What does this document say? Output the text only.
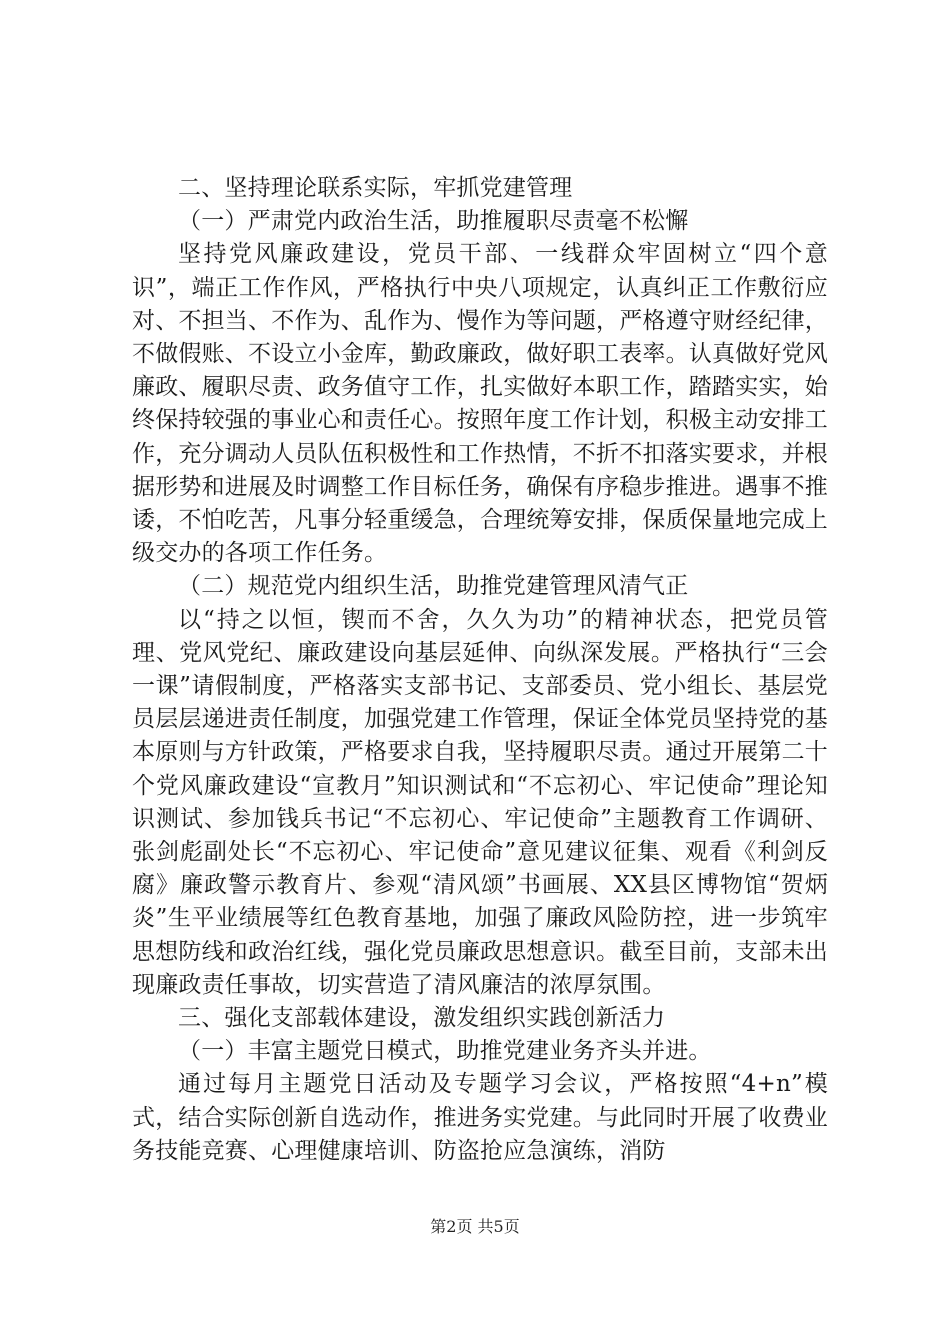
二、坚持理论联系实际，牢抓党建管理

（一）严肃党内政治生活，助推履职尽责毫不松懈

坚持党风廉政建设，党员干部、一线群众牢固树立“四个意识”，端正工作作风，严格执行中央八项规定，认真纠正工作敷衍应对、不担当、不作为、乱作为、慢作为等问题，严格遵守财经纪律，不做假账、不设立小金库，勤政廉政，做好职工表率。认真做好党风廉政、履职尽责、政务值守工作，扎实做好本职工作，踏踏实实，始终保持较强的事业心和责任心。按照年度工作计划，积极主动安排工作，充分调动人员队伍积极性和工作热情，不折不扣落实要求，并根据形势和进展及时调整工作目标任务，确保有序稳步推进。遇事不推诿，不怕吃苦，凡事分轻重缓急，合理统筹安排，保质保量地完成上级交办的各项工作任务。

（二）规范党内组织生活，助推党建管理风清气正

以“持之以恒，锲而不舍，久久为功”的精神状态，把党员管理、党风党纪、廉政建设向基层延伸、向纵深发展。严格执行“三会一课”请假制度，严格落实支部书记、支部委员、党小组长、基层党员层层递进责任制度，加强党建工作管理，保证全体党员坚持党的基本原则与方针政策，严格要求自我，坚持履职尽责。通过开展第二十个党风廉政建设“宣教月”知识测试和“不忘初心、牢记使命”理论知识测试、参加钱兵书记“不忘初心、牢记使命”主题教育工作调研、张剑彪副处长“不忘初心、牢记使命”意见建议征集、观看《利剑反腐》廉政警示教育片、参观“清风颂”书画展、XX县区博物馆“贺炳炎”生平业绩展等红色教育基地，加强了廉政风险防控，进一步筑牢思想防线和政治红线，强化党员廉政思想意识。截至目前，支部未出现廉政责任事故，切实营造了清风廉洁的浓厚氛围。

三、强化支部载体建设，激发组织实践创新活力

（一）丰富主题党日模式，助推党建业务齐头并进。

通过每月主题党日活动及专题学习会议，严格按照“4+n”模式，结合实际创新自选动作，推进务实党建。与此同时开展了收费业务技能竞赛、心理健康培训、防盗抢应急演练，消防

第2页 共5页
